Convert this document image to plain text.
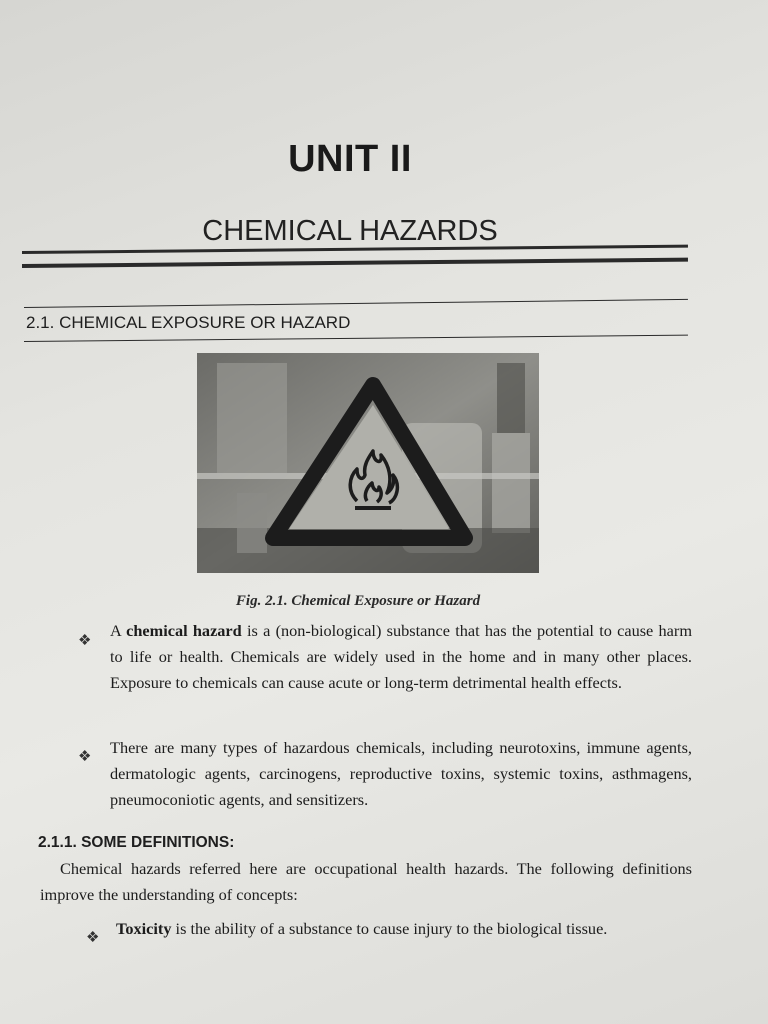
UNIT II
CHEMICAL HAZARDS
2.1. CHEMICAL EXPOSURE OR HAZARD
Fig. 2.1. Chemical Exposure or Hazard
❖
A chemical hazard is a (non-biological) substance that has the potential to cause harm to life or health. Chemicals are widely used in the home and in many other places. Exposure to chemicals can cause acute or long-term detrimental health effects.
❖ There are many types of hazardous chemicals, including neurotoxins, immune agents, dermatologic agents, carcinogens, reproductive toxins, systemic toxins, asthmagens, pneumoconiotic agents, and sensitizers.
2.1.1. SOME DEFINITIONS:
Chemical hazards referred here are occupational health hazards. The following definitions improve the understanding of concepts:
❖ Toxicity is the ability of a substance to cause injury to the biological tissue.
